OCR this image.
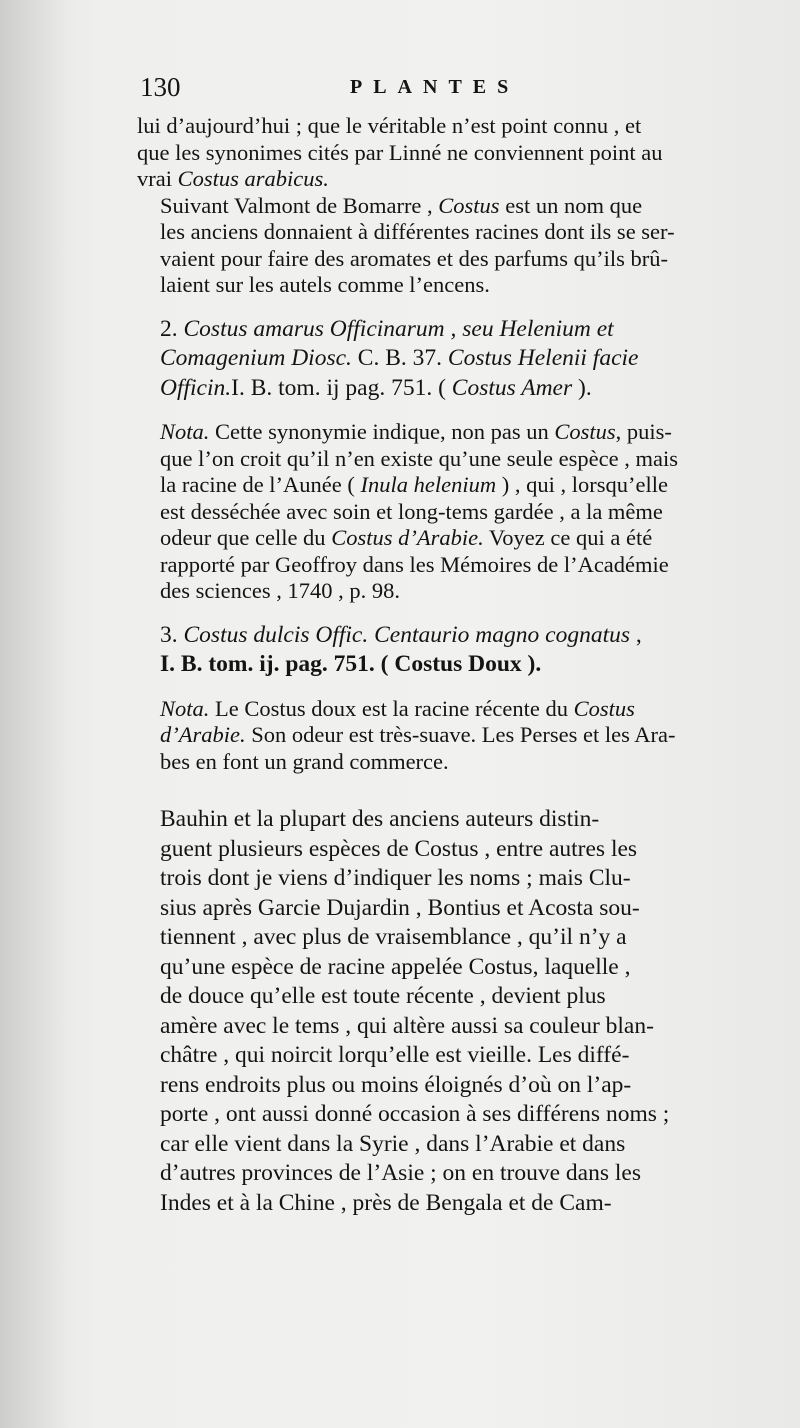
130	PLANTES

lui d’aujourd’hui ; que le véritable n’est point connu , et
que les synonimes cités par Linné ne conviennent point au
vrai Costus arabicus.

Suivant Valmont de Bomarre , Costus est un nom que
les anciens donnaient à différentes racines dont ils se ser-
vaient pour faire des aromates et des parfums qu’ils brû-
laient sur les autels comme l’encens.

2. Costus amarus Officinarum , seu Helenium et
Comagenium Diosc. C. B. 37. Costus Helenii facie
Officin.I. B. tom. ij pag. 751. ( Costus Amer ).

Nota. Cette synonymie indique, non pas un Costus, puis-
que l’on croit qu’il n’en existe qu’une seule espèce , mais
la racine de l’Aunée ( Inula helenium ) , qui , lorsqu’elle
est desséchée avec soin et long-tems gardée , a la même
odeur que celle du Costus d’Arabie. Voyez ce qui a été
rapporté par Geoffroy dans les Mémoires de l’Académie
des sciences , 1740 , p. 98.

3. Costus dulcis Offic. Centaurio magno cognatus ,
I. B. tom. ij. pag. 751. ( Costus Doux ).

Nota. Le Costus doux est la racine récente du Costus
d’Arabie. Son odeur est très-suave. Les Perses et les Ara-
bes en font un grand commerce.

Bauhin et la plupart des anciens auteurs distin-
guent plusieurs espèces de Costus , entre autres les
trois dont je viens d’indiquer les noms ; mais Clu-
sius après Garcie Dujardin , Bontius et Acosta sou-
tiennent , avec plus de vraisemblance , qu’il n’y a
qu’une espèce de racine appelée Costus, laquelle ,
de douce qu’elle est toute récente , devient plus
amère avec le tems , qui altère aussi sa couleur blan-
châtre , qui noircit lorqu’elle est vieille. Les diffé-
rens endroits plus ou moins éloignés d’où on l’ap-
porte , ont aussi donné occasion à ses différens noms ;
car elle vient dans la Syrie , dans l’Arabie et dans
d’autres provinces de l’Asie ; on en trouve dans les
Indes et à la Chine , près de Bengala et de Cam-
